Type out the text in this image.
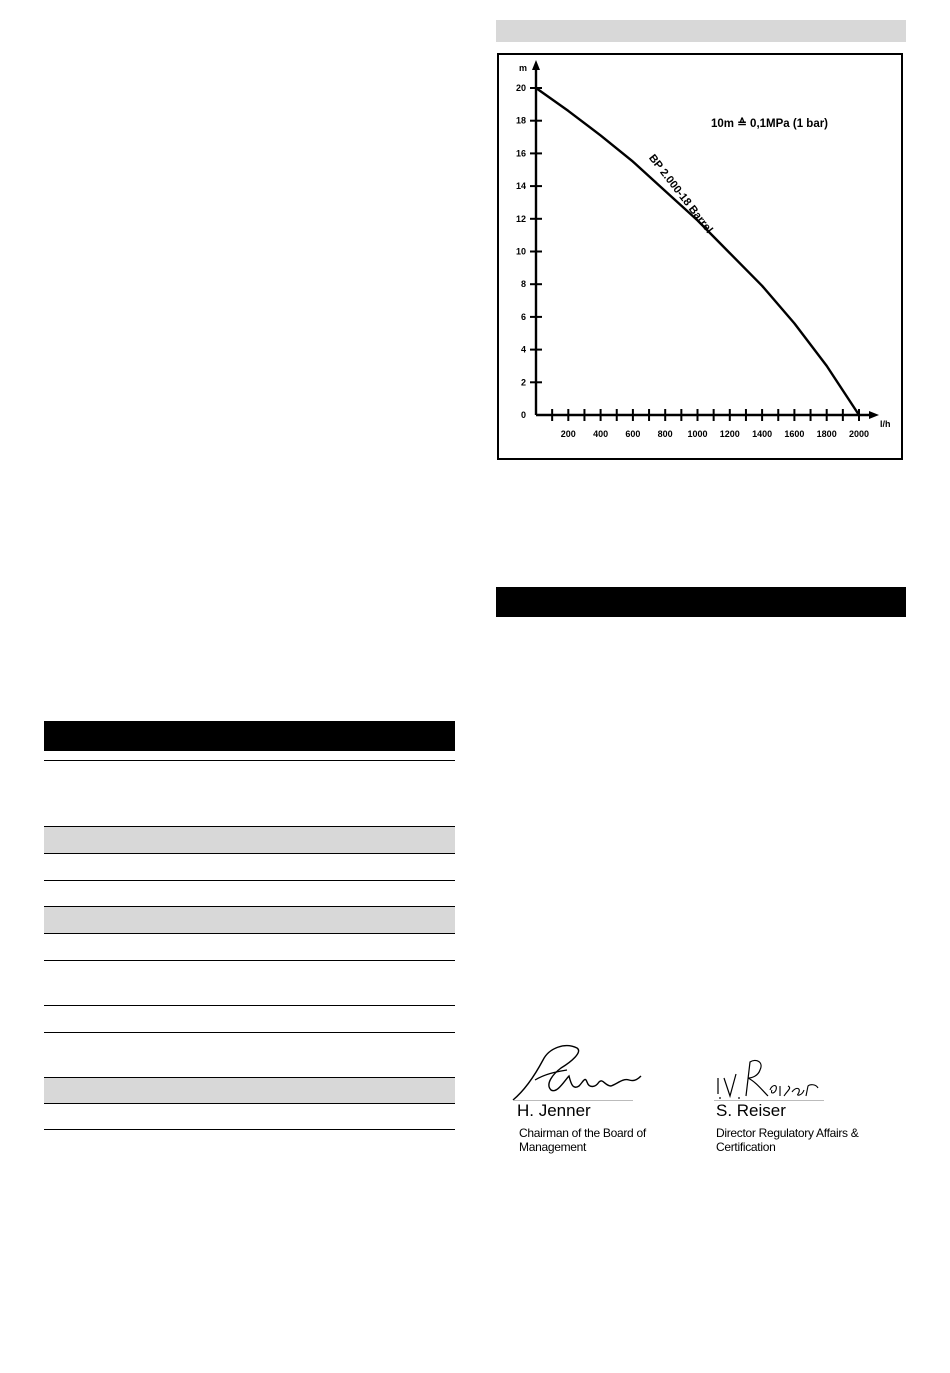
m
l/h
0
2
4
6
8
10
12
14
16
18
20
200 400 600 800 1000 1200 1400 1600 1800 2000
BP 2.000-18 Barrel
10m ≙ 0,1MPa (1 bar)
H. Jenner
Chairman of the Board of Management
S. Reiser
Director Regulatory Affairs & Certification
